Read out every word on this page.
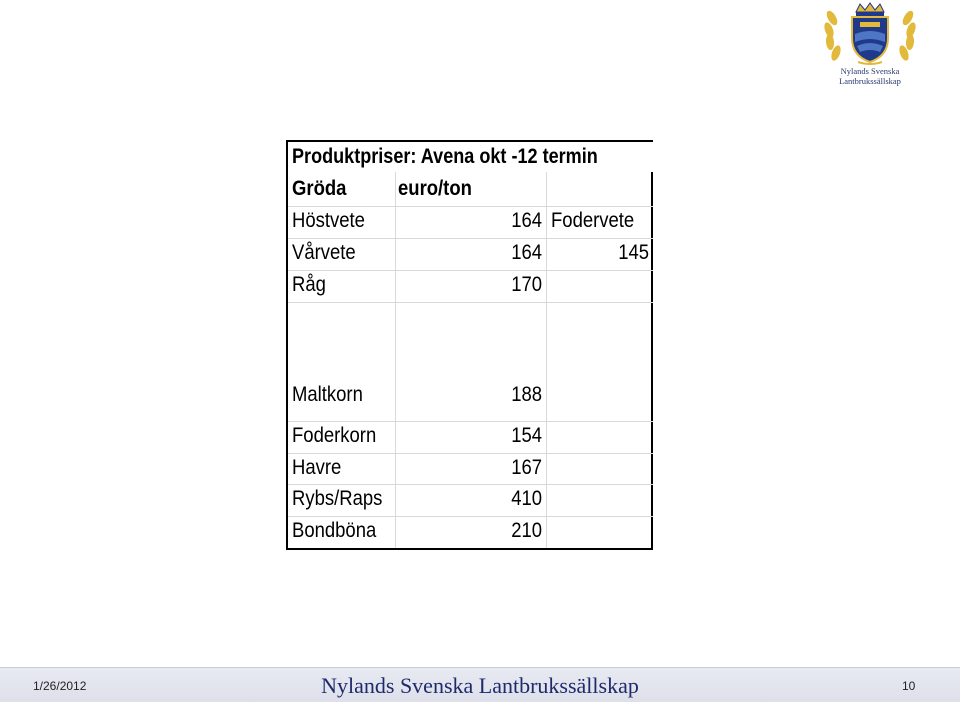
Nylands Svenska
Lantbrukssällskap
Produktpriser: Avena okt -12 termin
Gröda euro/ton
Höstvete	164 Fodervete
Vårvete	164	145
Råg	170
Maltkorn	188
Foderkorn	154
Havre	167
Rybs/Raps	410
Bondböna	210
1/26/2012	Nylands Svenska Lantbrukssällskap	10
